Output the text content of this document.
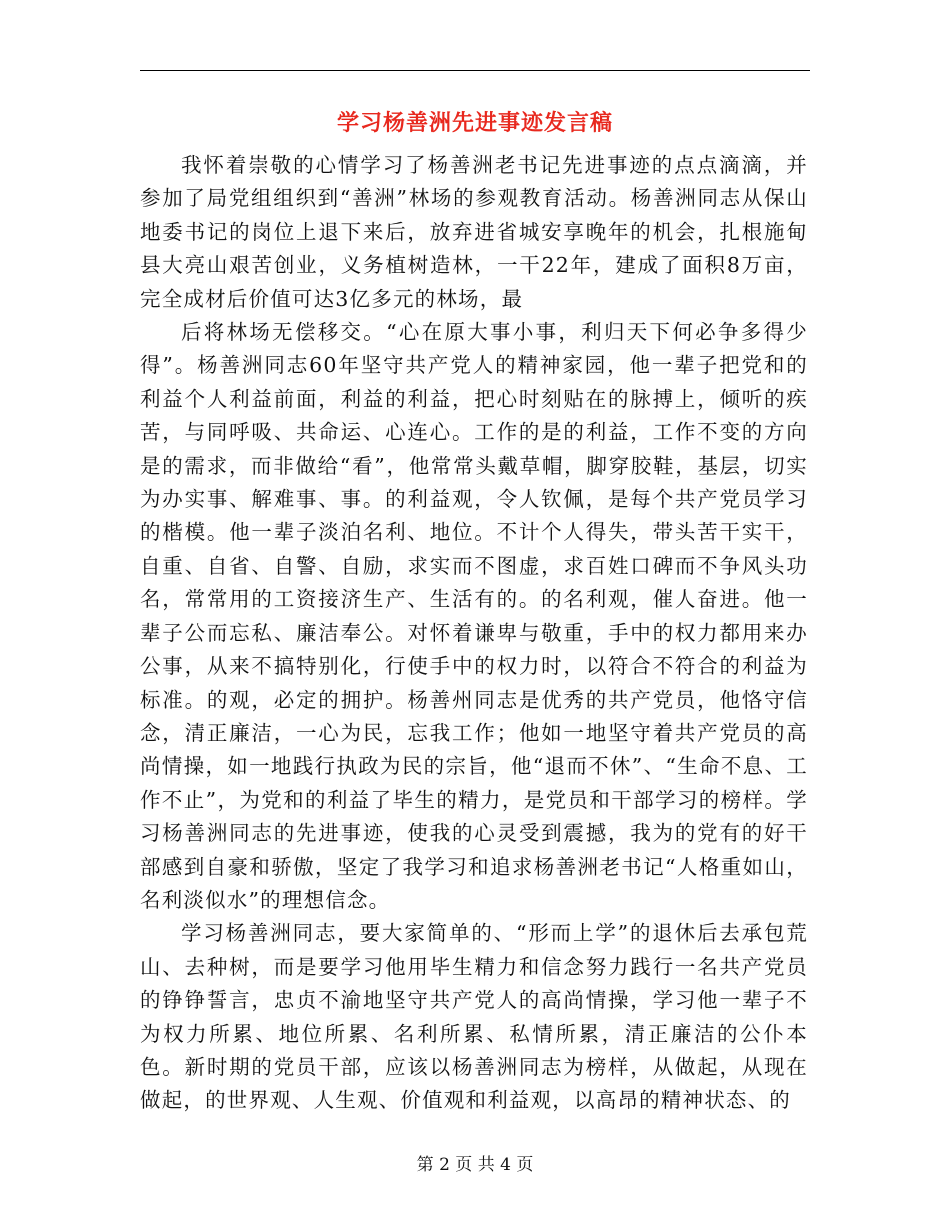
学习杨善洲先进事迹发言稿

我怀着崇敬的心情学习了杨善洲老书记先进事迹的点点滴滴，并参加了局党组组织到“善洲”林场的参观教育活动。杨善洲同志从保山地委书记的岗位上退下来后，放弃进省城安享晚年的机会，扎根施甸县大亮山艰苦创业，义务植树造林，一干22年，建成了面积8万亩，完全成材后价值可达3亿多元的林场，最

后将林场无偿移交。“心在原大事小事，利归天下何必争多得少得”。杨善洲同志60年坚守共产党人的精神家园，他一辈子把党和的利益个人利益前面，利益的利益，把心时刻贴在的脉搏上，倾听的疾苦，与同呼吸、共命运、心连心。工作的是的利益，工作不变的方向是的需求，而非做给“看”，他常常头戴草帽，脚穿胶鞋，基层，切实为办实事、解难事、事。的利益观，令人钦佩，是每个共产党员学习的楷模。他一辈子淡泊名利、地位。不计个人得失，带头苦干实干，自重、自省、自警、自励，求实而不图虚，求百姓口碑而不争风头功名，常常用的工资接济生产、生活有的。的名利观，催人奋进。他一辈子公而忘私、廉洁奉公。对怀着谦卑与敬重，手中的权力都用来办公事，从来不搞特别化，行使手中的权力时，以符合不符合的利益为标准。的观，必定的拥护。杨善州同志是优秀的共产党员，他恪守信念，清正廉洁，一心为民，忘我工作；他如一地坚守着共产党员的高尚情操，如一地践行执政为民的宗旨，他“退而不休”、“生命不息、工作不止”，为党和的利益了毕生的精力，是党员和干部学习的榜样。学习杨善洲同志的先进事迹，使我的心灵受到震撼，我为的党有的好干部感到自豪和骄傲，坚定了我学习和追求杨善洲老书记“人格重如山，名利淡似水”的理想信念。

学习杨善洲同志，要大家简单的、“形而上学”的退休后去承包荒山、去种树，而是要学习他用毕生精力和信念努力践行一名共产党员的铮铮誓言，忠贞不渝地坚守共产党人的高尚情操，学习他一辈子不为权力所累、地位所累、名利所累、私情所累，清正廉洁的公仆本色。新时期的党员干部，应该以杨善洲同志为榜样，从做起，从现在做起，的世界观、人生观、价值观和利益观，以高昂的精神状态、的

第 2 页 共 4 页
